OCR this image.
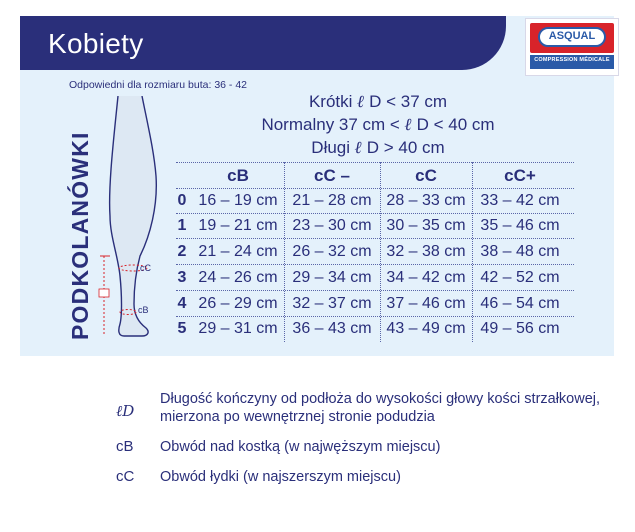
Kobiety	ASQUAL
COMPRESSION MÉDICALE
Odpowiedni dla rozmiaru buta: 36 - 42
PODKOLANÓWKI	cC
cB
Krótki ℓ D < 37 cm
Normalny 37 cm < ℓ D < 40 cm
Długi ℓ D > 40 cm
cB	cC –	cC	cC+
0 16 – 19 cm 21 – 28 cm 28 – 33 cm 33 – 42 cm
1 19 – 21 cm 23 – 30 cm 30 – 35 cm 35 – 46 cm
2 21 – 24 cm 26 – 32 cm 32 – 38 cm 38 – 48 cm
3 24 – 26 cm 29 – 34 cm 34 – 42 cm 42 – 52 cm
4 26 – 29 cm 32 – 37 cm 37 – 46 cm 46 – 54 cm
5 29 – 31 cm 36 – 43 cm 43 – 49 cm 49 – 56 cm
ℓD
Długość kończyny od podłoża do wysokości głowy kości strzałkowej, mierzona po wewnętrznej stronie podudzia
cB Obwód nad kostką (w najwęższym miejscu)
cC Obwód łydki (w najszerszym miejscu)
